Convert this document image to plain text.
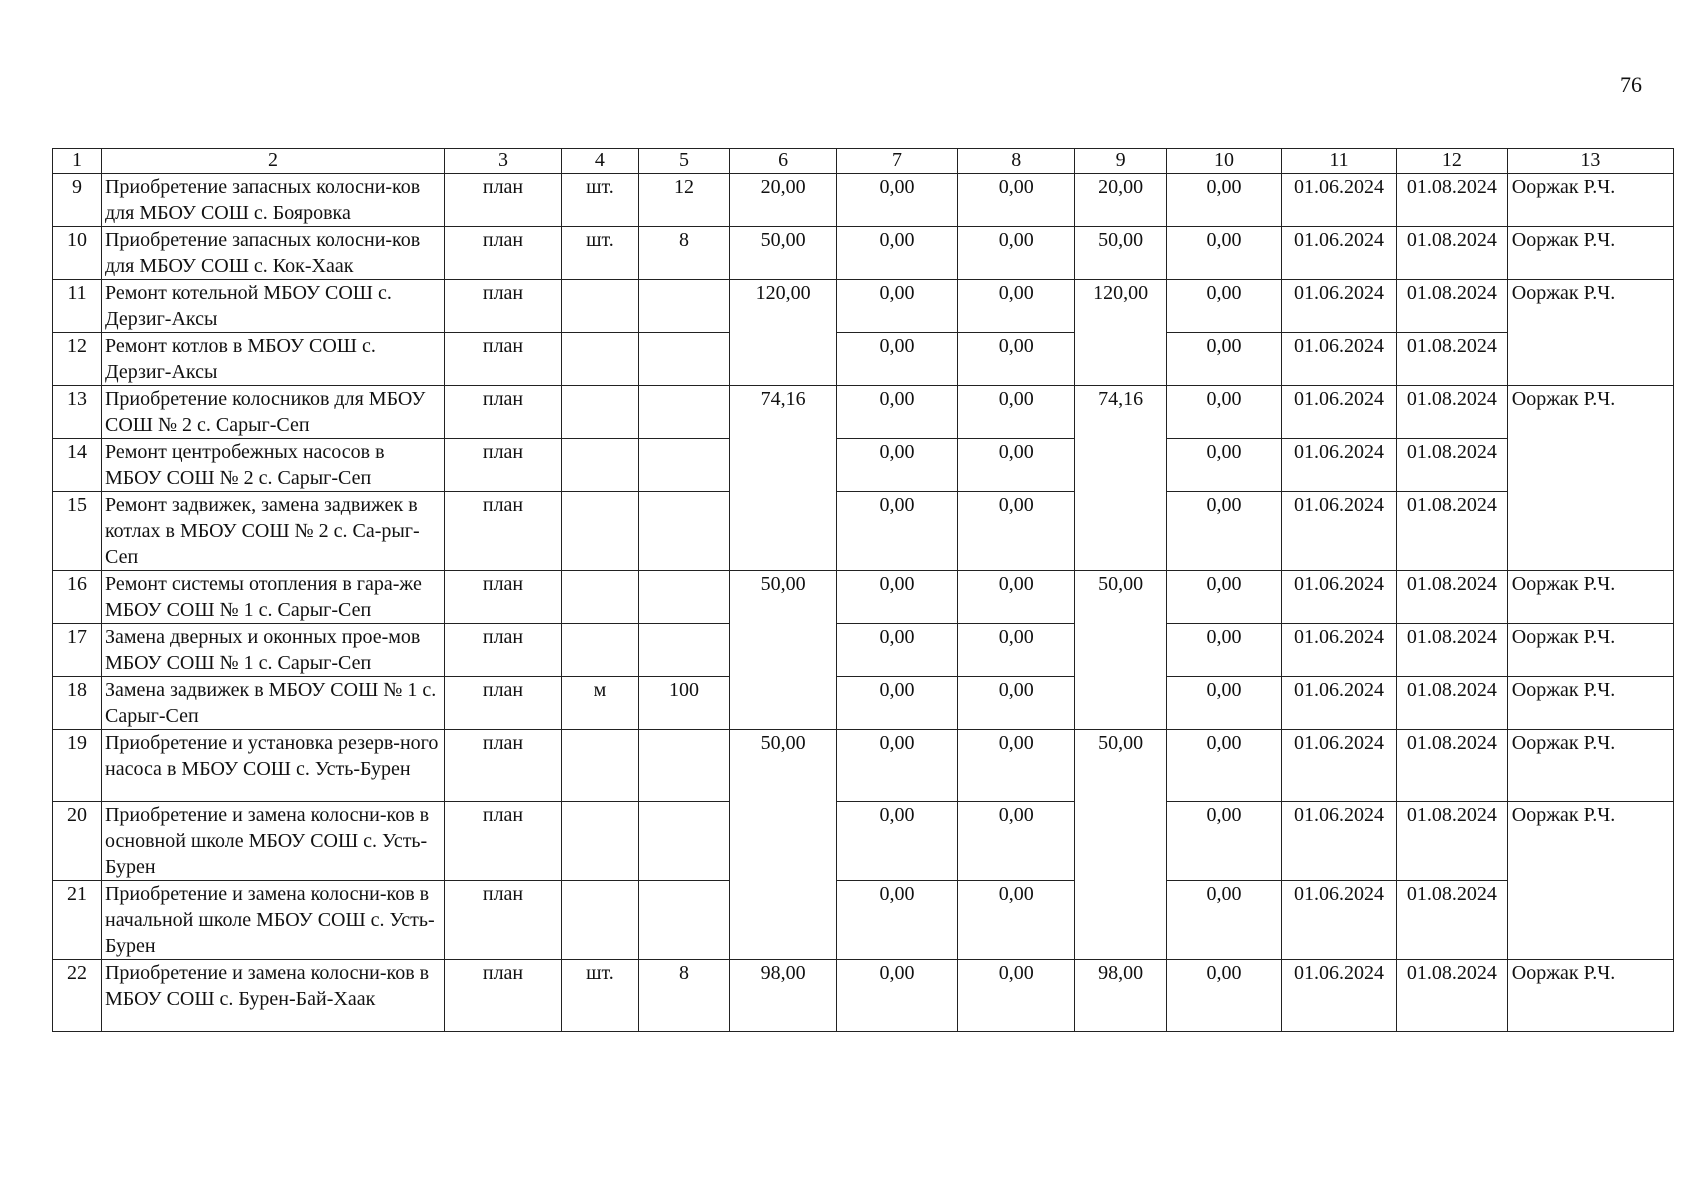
76
1	2	3	4	5	6	7	8	9	10	11	12	13
9	Приобретение запасных колосни-ков для МБОУ СОШ с. Бояровка	план	шт.	12	20,00	0,00	0,00	20,00	0,00	01.06.2024	01.08.2024	Ооржак Р.Ч.
10	Приобретение запасных колосни-ков для МБОУ СОШ с. Кок-Хаак	план	шт.	8	50,00	0,00	0,00	50,00	0,00	01.06.2024	01.08.2024	Ооржак Р.Ч.
11	Ремонт котельной МБОУ СОШ с. Дерзиг-Аксы	план			120,00	0,00	0,00	120,00	0,00	01.06.2024	01.08.2024	Ооржак Р.Ч.
12	Ремонт котлов в МБОУ СОШ с. Дерзиг-Аксы	план				0,00	0,00		0,00	01.06.2024	01.08.2024	
13	Приобретение колосников для МБОУ СОШ № 2 с. Сарыг-Сеп	план			74,16	0,00	0,00	74,16	0,00	01.06.2024	01.08.2024	Ооржак Р.Ч.
14	Ремонт центробежных насосов в МБОУ СОШ № 2 с. Сарыг-Сеп	план				0,00	0,00		0,00	01.06.2024	01.08.2024	
15	Ремонт задвижек, замена задвижек в котлах в МБОУ СОШ № 2 с. Са-рыг-Сеп	план				0,00	0,00		0,00	01.06.2024	01.08.2024	
16	Ремонт системы отопления в гара-же МБОУ СОШ № 1 с. Сарыг-Сеп	план			50,00	0,00	0,00	50,00	0,00	01.06.2024	01.08.2024	Ооржак Р.Ч.
17	Замена дверных и оконных прое-мов МБОУ СОШ № 1 с. Сарыг-Сеп	план				0,00	0,00		0,00	01.06.2024	01.08.2024	Ооржак Р.Ч.
18	Замена задвижек в МБОУ СОШ № 1 с. Сарыг-Сеп	план	м	100		0,00	0,00		0,00	01.06.2024	01.08.2024	Ооржак Р.Ч.
19	Приобретение и установка резерв-ного насоса в МБОУ СОШ с. Усть-Бурен	план			50,00	0,00	0,00	50,00	0,00	01.06.2024	01.08.2024	Ооржак Р.Ч.
20	Приобретение и замена колосни-ков в основной школе МБОУ СОШ с. Усть-Бурен	план				0,00	0,00		0,00	01.06.2024	01.08.2024	Ооржак Р.Ч.
21	Приобретение и замена колосни-ков в начальной школе МБОУ СОШ с. Усть-Бурен	план				0,00	0,00		0,00	01.06.2024	01.08.2024	
22	Приобретение и замена колосни-ков в МБОУ СОШ с. Бурен-Бай-Хаак	план	шт.	8	98,00	0,00	0,00	98,00	0,00	01.06.2024	01.08.2024	Ооржак Р.Ч.
